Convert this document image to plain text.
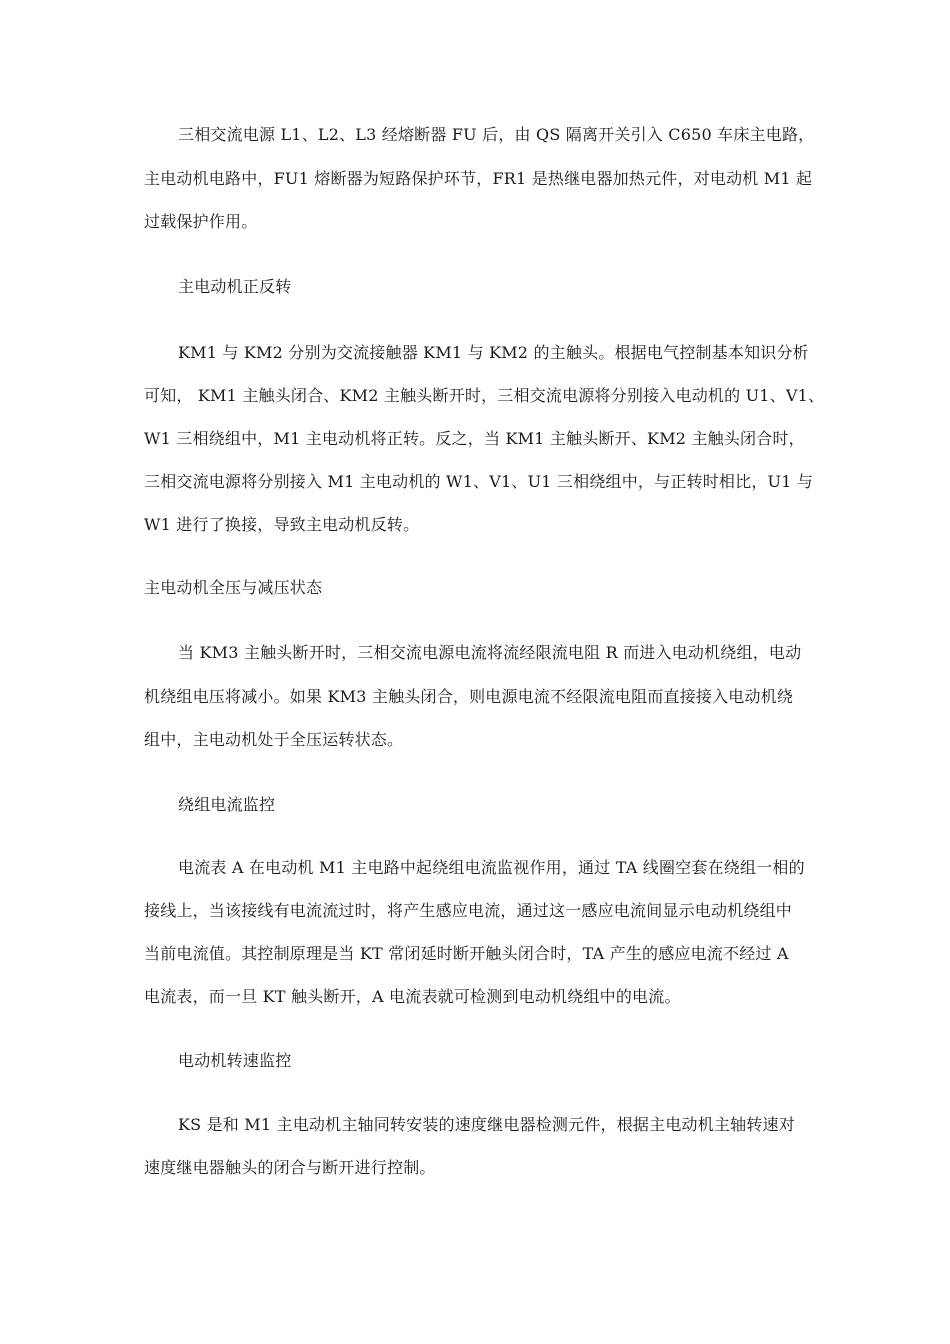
三相交流电源 L1、L2、L3 经熔断器 FU 后，由 QS 隔离开关引入 C650 车床主电路，
主电动机电路中，FU1 熔断器为短路保护环节，FR1 是热继电器加热元件，对电动机 M1 起
过载保护作用。
主电动机正反转
KM1 与 KM2 分别为交流接触器 KM1 与 KM2 的主触头。根据电气控制基本知识分析
可知， KM1 主触头闭合、KM2 主触头断开时，三相交流电源将分别接入电动机的 U1、V1、
W1 三相绕组中，M1 主电动机将正转。反之，当 KM1 主触头断开、KM2 主触头闭合时，
三相交流电源将分别接入 M1 主电动机的 W1、V1、U1 三相绕组中，与正转时相比，U1 与
W1 进行了换接，导致主电动机反转。
主电动机全压与减压状态
当 KM3 主触头断开时，三相交流电源电流将流经限流电阻 R 而进入电动机绕组，电动
机绕组电压将减小。如果 KM3 主触头闭合，则电源电流不经限流电阻而直接接入电动机绕
组中，主电动机处于全压运转状态。
绕组电流监控
电流表 A 在电动机 M1 主电路中起绕组电流监视作用，通过 TA 线圈空套在绕组一相的
接线上，当该接线有电流流过时，将产生感应电流，通过这一感应电流间显示电动机绕组中
当前电流值。其控制原理是当 KT 常闭延时断开触头闭合时，TA 产生的感应电流不经过 A
电流表，而一旦 KT 触头断开，A 电流表就可检测到电动机绕组中的电流。
电动机转速监控
KS 是和 M1 主电动机主轴同转安装的速度继电器检测元件，根据主电动机主轴转速对
速度继电器触头的闭合与断开进行控制。
